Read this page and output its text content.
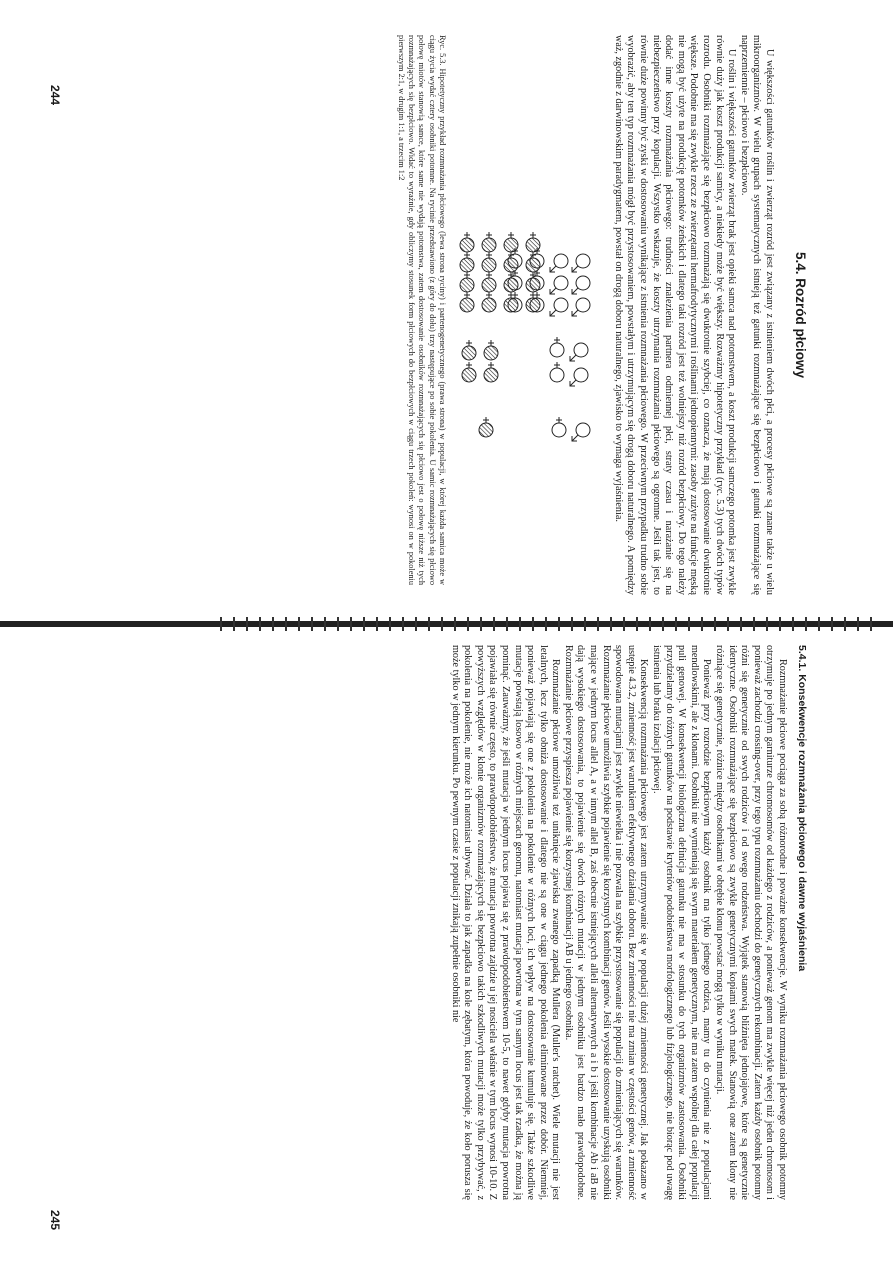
5.4. Rozród płciowy

U większości gatunków roślin i zwierząt rozród jest związany z istnieniem dwóch płci, a procesy płciowe są znane także u wielu mikroorganizmów. W wielu grupach systematycznych istnieją też gatunki rozmnażające się bezpłciowo i gatunki rozmnażające się naprzemiennie – płciowo i bezpłciowo.

U roślin i większości gatunków zwierząt brak jest opieki samca nad potomstwem, a koszt produkcji samczego potomka jest zwykle równie duży jak koszt produkcji samicy, a niekiedy może być większy. Rozważmy hipotetyczny przykład (ryc. 5.3) tych dwóch typów rozrodu. Osobniki rozmnażające się bezpłciowo rozmnażają się dwukrotnie szybciej, co oznacza, że mają dostosowanie dwukrotnie większe. Podobnie ma się zwykle rzecz ze zwierzętami hermafrodytycznymi i roślinami jednopiennymi: zasoby zużyte na funkcje męską nie mogą być użyte na produkcję potomków żeńskich i dlatego taki rozród jest też wolniejszy niż rozród bezpłciowy. Do tego należy dodać inne koszty rozmnażania płciowego: trudności znalezienia partnera odmiennej płci, straty czasu i narażanie się na niebezpieczeństwo przy kopulacji. Wszystko wskazuje, że koszty utrzymania rozmnażania płciowego są ogromne. Jeśli tak jest, to równie duże powinny być zyski w dostosowaniu wynikające z istnienia rozmnażania płciowego. W przeciwnym przypadku trudno sobie wyobrazić, aby ten typ rozmnażania mógł być przystosowaniem, powstałym i utrzymującym się drogą doboru naturalnego. A pomiędzy waż, zgodnie z darwinowskim paradygmatem, powstał on drogą doboru naturalnego, zjawisko to wymaga wyjaśnienia.

Ryc. 5.3. Hipotetyczny przykład rozmnażania płciowego (lewa strona ryciny) i partenogenetycznego (prawa strona) w populacji, w której każda samica może w ciągu życia wydać cztery osobniki potomne. Na rycinie przedstawiono (z góry do dołu) trzy następujące po sobie pokolenia. U samic rozmnażających się płciowo połowę miotów stanowią samce, które same nie wydają potomstwa, zatem dostosowanie osobników rozmnażających się płciowo jest o połowę niższe niż tych rozmnażających się bezpłciowo. Widać to wyraźnie, gdy obliczymy stosunek form płciowych do bezpłciowych w ciągu trzech pokoleń: wynosi on w pokoleniu pierwszym 2:1, w drugim 1:1, a trzecim 1:2

244
5.4.1. Konsekwencje rozmnażania płciowego i dawne wyjaśnienia

Rozmnażanie płciowe pociąga za sobą różnorodne i poważne konsekwencje. W wyniku rozmnażania płciowego osobnik potomny otrzymuje po jednym garniturze chromosomów od każdego z rodziców, a ponieważ genom ma zwykle więcej niż jeden chromosom i ponieważ zachodzi crossing-over, przy tego typu rozmnażaniu dochodzi do genetycznych rekombinacji. Zatem każdy osobnik potomny różni się genetycznie od swych rodziców i od swego rodzeństwa. Wyjątek stanowią bliźnięta jednojajowe, które są genetycznie identyczne. Osobniki rozmnażające się bezpłciowo są zwykle genetycznymi kopiami swych matek. Stanowią one zatem klony nie różniące się genetycznie, różnice między osobnikami w obrębie klonu powstać mogą tylko w wyniku mutacji.

Ponieważ przy rozrodzie bezpłciowym każdy osobnik ma tylko jednego rodzica, mamy tu do czynienia nie z populacjami mendlowskimi, ale z klonami. Osobniki nie wymieniają się swym materiałem genetycznym, nie ma zatem wspólnej dla całej populacji puli genowej. W konsekwencji biologiczna definicja gatunku nie ma w stosunku do tych organizmów zastosowania. Osobniki przydzielamy do różnych gatunków na podstawie kryteriów podobieństwa morfologicznego lub fizjologicznego, nie biorąc pod uwagę istnienia lub braku izolacji płciowej.

Konsekwencją rozmnażania płciowego jest zatem utrzymywanie się w populacji dużej zmienności genetycznej. Jak pokazano w ustępie 4.3.2, zmienność jest warunkiem efektywnego działania doboru. Bez zmienności nie ma zmian w częstości genów, a zmienność spowodowana mutacjami jest zwykle niewielka i nie pozwala na szybkie przystosowanie się populacji do zmieniających się warunków. Rozmnażanie płciowe umożliwia szybkie pojawienie się korzystnych kombinacji genów. Jeśli wysokie dostosowanie uzyskują osobniki mające w jednym locus allel A, a w innym allel B, zaś obecnie istniejących alleli alternatywnych a i b i jeśli kombinacje Ab i aB nie dają wysokiego dostosowania, to pojawienie się dwóch różnych mutacji w jednym osobniku jest bardzo mało prawdopodobne. Rozmnażanie płciowe przyspiesza pojawienie się korzystnej kombinacji AB u jednego osobnika.

Rozmnażanie płciowe umożliwia też uniknięcie zjawiska zwanego zapadką Mullera (Muller's ratchet). Wiele mutacji nie jest letalnych, lecz tylko obniża dostosowanie i dlatego nie są one w ciągu jednego pokolenia eliminowane przez dobór. Niemniej, ponieważ pojawiają się one z pokolenia na pokolenie w różnych loci, ich wpływ na dostosowanie kumuluje się. Także szkodliwe mutacje powstają losowo w różnych miejscach genomu, natomiast mutacja powrotna w tym samym locus jest tak rzadka, że można ją pominąć. Zauważmy, że jeśli mutacja w jednym locus pojawia się z prawdopodobieństwem 10-5, to nawet gdyby mutacja powrotna pojawiała się równie często, to prawdopodobieństwo, że mutacja powrotna zajdzie u jej nosiciela właśnie w tym locus wynosi 10-10. Z powyższych względów w klonie organizmów rozmnażających się bezpłciowo takich szkodliwych mutacji może tylko przybywać, z pokolenia na pokolenie, nie może ich natomiast ubywać. Działa to jak zapadka na kole zębatym, która powoduje, że koło porusza się może tylko w jednym kierunku. Po pewnym czasie z populacji znikają zupełnie osobniki nie

245
